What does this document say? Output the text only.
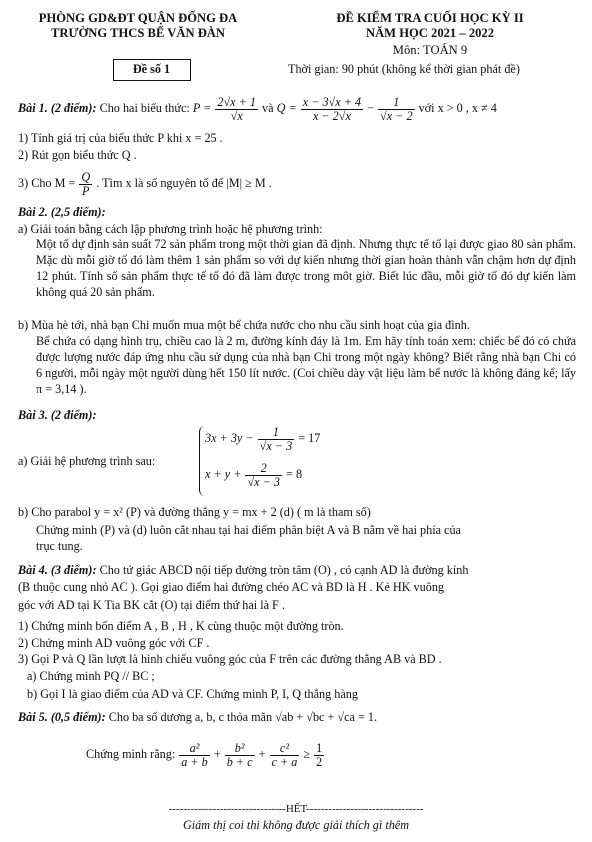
PHÒNG GD&ĐT QUẬN ĐỐNG ĐA
TRƯỜNG THCS BẾ VĂN ĐÀN
ĐỀ KIỂM TRA CUỐI HỌC KỲ II
NĂM HỌC 2021 – 2022
Môn: TOÁN 9
Đề số 1	Thời gian: 90 phút (không kể thời gian phát đề)
Bài 1. (2 điểm): Cho hai biểu thức: $P = \frac{2√x + 1}{√x}$ và $Q = \frac{x - 3√x + 4}{x - 2√x} - \frac{1}{√x - 2}$ với x > 0 , x ≠ 4
1) Tính giá trị của biểu thức P khi x = 25 .
2) Rút gọn biểu thức Q .
3) Cho $M = \frac{Q}{P}$ . Tìm x là số nguyên tố để |M| ≥ M .
Bài 2. (2,5 điểm):
a) Giải toán bằng cách lập phương trình hoặc hệ phương trình:
Một tổ dự định sản suất 72 sản phẩm trong một thời gian đã định. Nhưng thực tế tổ lại được giao 80 sản phẩm. Mặc dù mỗi giờ tổ đó làm thêm 1 sản phẩm so với dự kiến nhưng thời gian hoàn thành vẫn chậm hơn dự định 12 phút. Tính số sản phẩm thực tế tổ đó đã làm được trong môt giờ. Biết lúc đầu, mỗi giờ tổ đó dự kiến làm không quá 20 sản phẩm.
b) Mùa hè tới, nhà bạn Chi muốn mua một bể chứa nước cho nhu cầu sinh hoạt của gia đình.
Bể chứa có dạng hình trụ, chiều cao là 2 m, đường kính đáy là 1m. Em hãy tính toán xem: chiếc bể đó có chứa được lượng nước đáp ứng nhu cầu sử dụng của nhà bạn Chi trong một ngày không? Biết rằng nhà bạn Chi có 6 người, mỗi ngày một người dùng hết 150 lít nước. (Coi chiều dày vật liệu làm bể nước là không đáng kể; lấy π = 3,14 ).
Bài 3. (2 điểm):
a) Giải hệ phương trình sau:
$3x + 3y - \frac{1}{√x - 3} = 17$
$x + y + \frac{2}{√x - 3} = 8$
b) Cho parabol y = x² (P) và đường thẳng y = mx + 2 (d) ( m là tham số)
Chứng minh (P) và (d) luôn cắt nhau tại hai điểm phân biệt A và B nằm về hai phía của
trục tung.
Bài 4. (3 điểm): Cho tứ giác ABCD nội tiếp đường tròn tâm (O) , có cạnh AD là đường kính
(B thuộc cung nhỏ AC ). Gọi giao điểm hai đường chéo AC và BD là H . Kẻ HK vuông
góc với AD tại K Tia BK cắt (O) tại điểm thứ hai là F .
1) Chứng minh bốn điểm A , B , H , K cùng thuộc một đường tròn.
2) Chứng minh AD vuông góc với CF .
3) Gọi P và Q lần lượt là hình chiếu vuông góc của F trên các đường thẳng AB và BD .
a) Chứng minh PQ // BC ;
b) Gọi I là giao điểm của AD và CF. Chứng minh P, I, Q thẳng hàng
Bài 5. (0,5 điểm): Cho ba số dương a, b, c thỏa mãn √ab + √bc + √ca = 1.
Chứng minh rằng: $\frac{\text{a²}}{a + b} + \frac{\text{b²}}{b + c} + \frac{\text{c²}}{c + a} \ge \frac{1}{2}$
--------------------------------HẾT--------------------------------
Giám thị coi thi không được giải thích gì thêm
